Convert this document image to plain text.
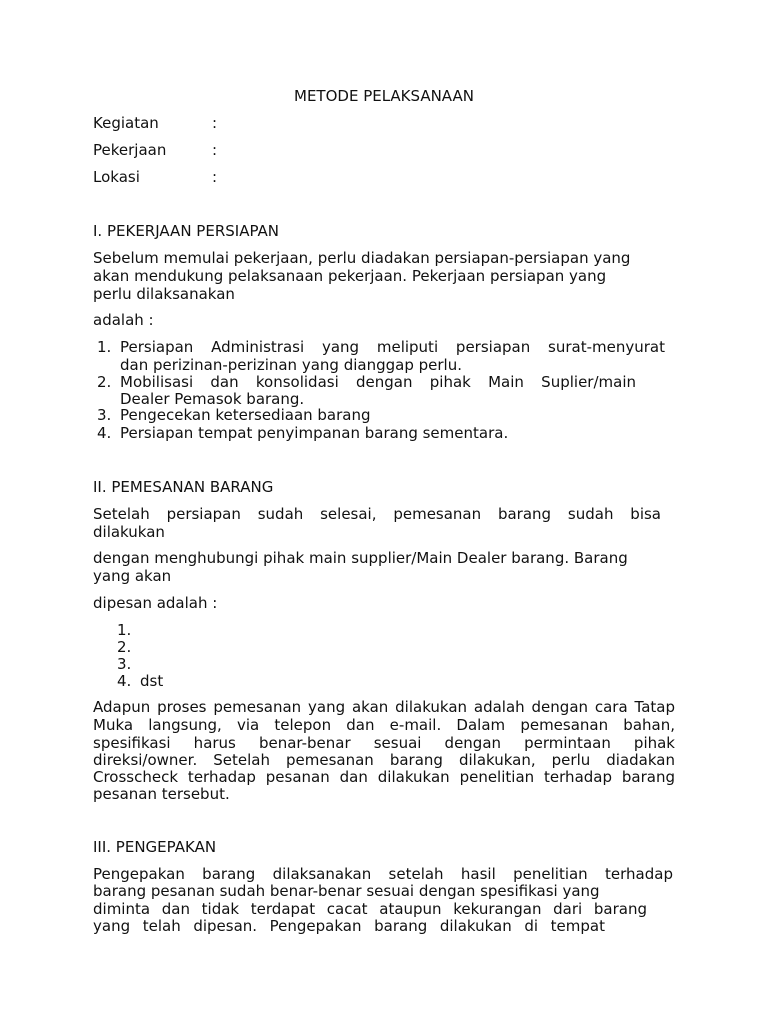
METODE PELAKSANAAN
Kegiatan	:
Pekerjaan	:
Lokasi	:
I. PEKERJAAN PERSIAPAN
Sebelum memulai pekerjaan, perlu diadakan persiapan-persiapan yang
akan mendukung pelaksanaan pekerjaan. Pekerjaan persiapan yang
perlu dilaksanakan
adalah :
1. Persiapan Administrasi yang meliputi persiapan surat-menyurat
dan perizinan-perizinan yang dianggap perlu.
2. Mobilisasi dan konsolidasi dengan pihak Main Suplier/main
Dealer Pemasok barang.
3. Pengecekan ketersediaan barang
4. Persiapan tempat penyimpanan barang sementara.
II. PEMESANAN BARANG
Setelah persiapan sudah selesai, pemesanan barang sudah bisa
dilakukan
dengan menghubungi pihak main supplier/Main Dealer barang. Barang
yang akan
dipesan adalah :
1.
2.
3.
4. dst
Adapun proses pemesanan yang akan dilakukan adalah dengan cara Tatap
Muka langsung, via telepon dan e-mail. Dalam pemesanan bahan,
spesifikasi harus benar-benar sesuai dengan permintaan pihak
direksi/owner. Setelah pemesanan barang dilakukan, perlu diadakan
Crosscheck terhadap pesanan dan dilakukan penelitian terhadap barang
pesanan tersebut.
III. PENGEPAKAN
Pengepakan barang dilaksanakan setelah hasil penelitian terhadap
barang pesanan sudah benar-benar sesuai dengan spesifikasi yang
diminta dan tidak terdapat cacat ataupun kekurangan dari barang
yang telah dipesan. Pengepakan barang dilakukan di tempat
